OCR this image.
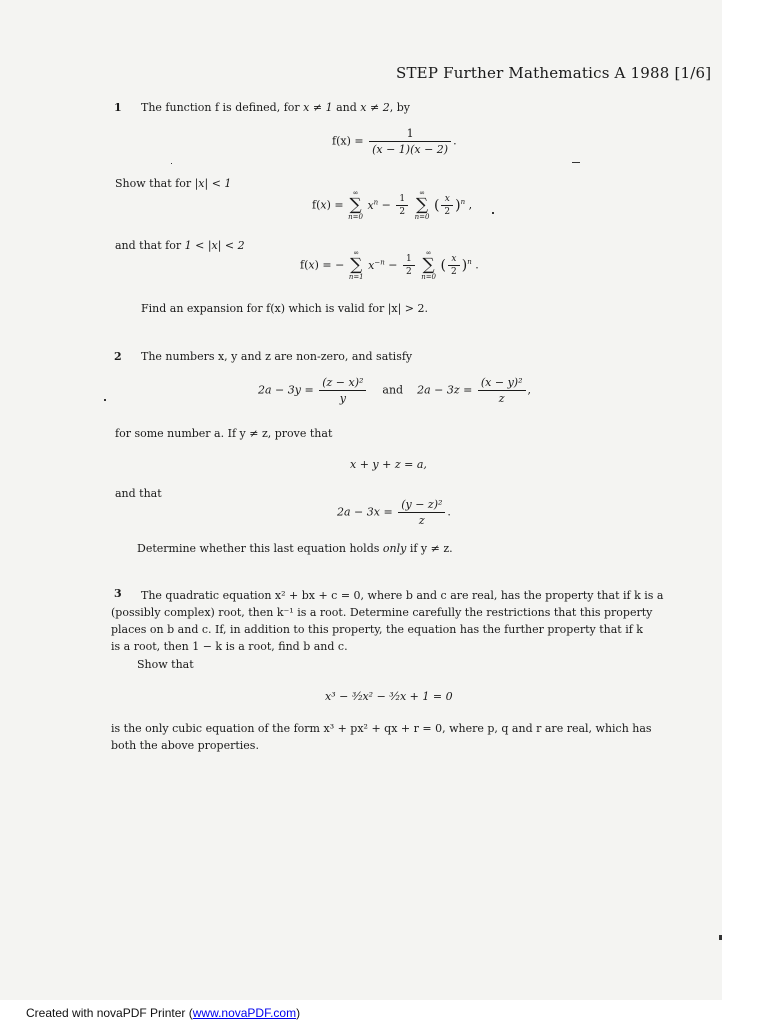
STEP Further Mathematics A 1988 [1/6]
1 The function f is defined, for x ≠ 1 and x ≠ 2, by
$f(x) = \frac{1}{(x - 1)(x - 2)}$ .
Show that for |x| < 1
f(x) =
∞
∑
n=0
$x^n - \frac{1}{2}$

∞
∑
n=0
( $\frac{x}{2} )^n$ ,
and that for 1 < |x| < 2
f(x) = −
∞
∑
n=1
$x^{-n} - \frac{1}{2}$

∞
∑
n=0
( $\frac{x}{2} )^n$ .
Find an expansion for f(x) which is valid for |x| > 2.
2 The numbers x, y and z are non-zero, and satisfy
$2a - 3y = \frac{\text{(z − x)²}}{y}$ and $2a - 3z = \frac{\text{(x − y)²}}{z}$ ,
for some number a. If y ≠ z, prove that
x + y + z = a,
and that
$2a - 3x = \frac{\text{(y − z)²}}{z}$ .
Determine whether this last equation holds only if y ≠ z.
3 The quadratic equation x² + bx + c = 0, where b and c are real, has the property that if k is a
(possibly complex) root, then k⁻¹ is a root. Determine carefully the restrictions that this property
places on b and c. If, in addition to this property, the equation has the further property that if k
is a root, then 1 − k is a root, find b and c.
Show that
x³ − ³⁄₂x² − ³⁄₂x + 1 = 0
is the only cubic equation of the form x³ + px² + qx + r = 0, where p, q and r are real, which has
both the above properties.
Created with novaPDF Printer (www.novaPDF.com)
